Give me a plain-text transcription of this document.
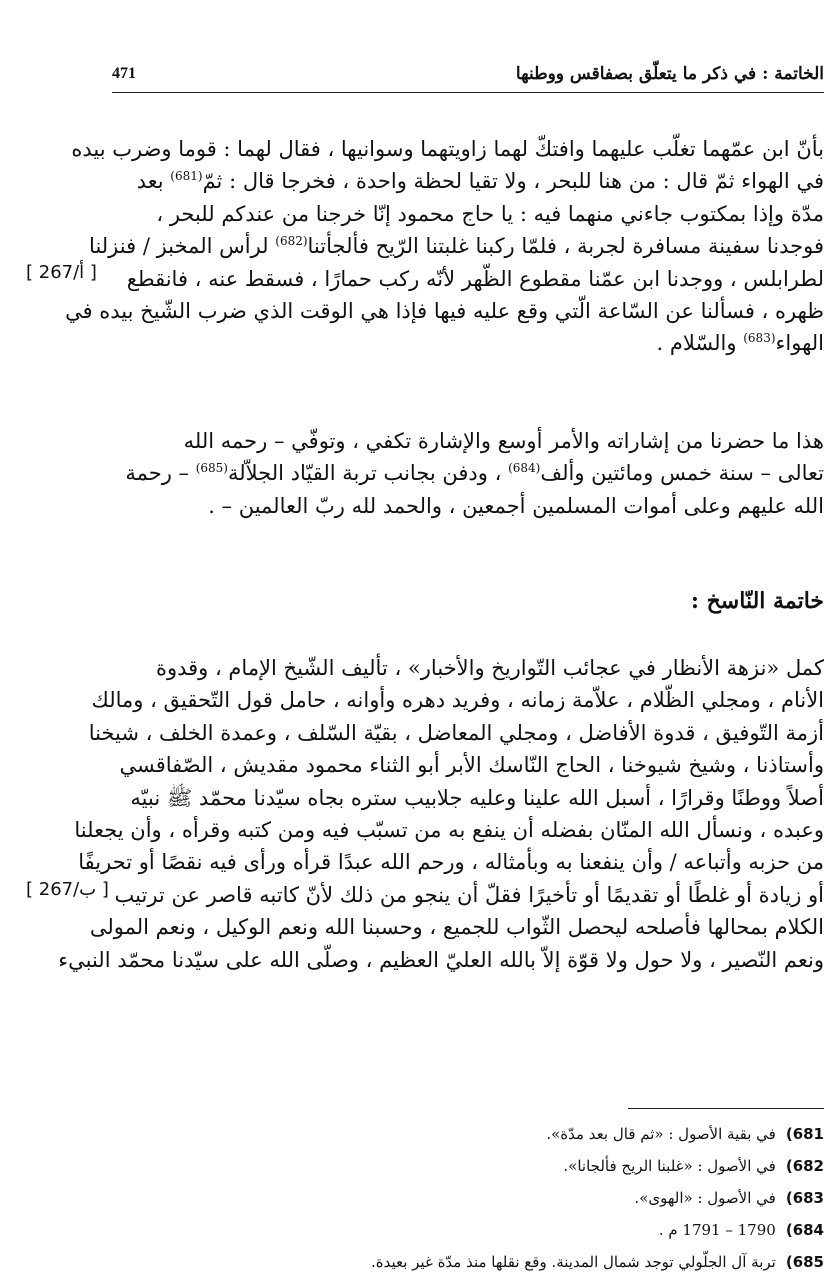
471	الخاتمة : في ذكر ما يتعلّق بصفاقس ووطنها
بأنّ ابن عمّهما تغلّب عليهما وافتكّ لهما زاويتهما وسوانيها ، فقال لهما : قوما وضرب بيده
في الهواء ثمّ قال : من هنا للبحر ، ولا تقيا لحظة واحدة ، فخرجا قال : ثمّ$^{(681)}$ بعد
مدّة وإذا بمكتوب جاءني منهما فيه : يا حاج محمود إنّا خرجنا من عندكم للبحر ،
فوجدنا سفينة مسافرة لجربة ، فلمّا ركبنا غلبتنا الرّيح فألجأتنا$^{(682)}$ لرأس المخبز / فنزلنا
لطرابلس ، ووجدنا ابن عمّنا مقطوع الظّهر لأنّه ركب حمارًا ، فسقط عنه ، فانقطع
ظهره ، فسألنا عن السّاعة الّتي وقع عليه فيها فإذا هي الوقت الذي ضرب الشّيخ بيده في
الهواء$^{(683)}$ والسّلام .
[ 267/أ ]
هذا ما حضرنا من إشاراته والأمر أوسع والإشارة تكفي ، وتوفّي – رحمه الله
تعالى – سنة خمس ومائتين وألف$^{(684)}$ ، ودفن بجانب تربة القيّاد الجلاّلة$^{(685)}$ – رحمة
الله عليهم وعلى أموات المسلمين أجمعين ، والحمد لله ربّ العالمين – .
خاتمة النّاسخ :
كمل «نزهة الأنظار في عجائب التّواريخ والأخبار» ، تأليف الشّيخ الإمام ، وقدوة
الأنام ، ومجلي الظّلام ، علاّمة زمانه ، وفريد دهره وأوانه ، حامل قول التّحقيق ، ومالك
أزمة التّوفيق ، قدوة الأفاضل ، ومجلي المعاضل ، بقيّة السّلف ، وعمدة الخلف ، شيخنا
وأستاذنا ، وشيخ شيوخنا ، الحاج النّاسك الأبر أبو الثناء محمود مقديش ، الصّفاقسي
أصلاً ووطنًا وقرارًا ، أسبل الله علينا وعليه جلابيب ستره بجاه سيّدنا محمّد ﷺ نبيّه
وعبده ، ونسأل الله المنّان بفضله أن ينفع به من تسبّب فيه ومن كتبه وقرأه ، وأن يجعلنا
من حزبه وأتباعه / وأن ينفعنا به وبأمثاله ، ورحم الله عبدًا قرأه ورأى فيه نقصًا أو تحريفًا
أو زيادة أو غلطًا أو تقديمًا أو تأخيرًا فقلّ أن ينجو من ذلك لأنّ كاتبه قاصر عن ترتيب
الكلام بمحالها فأصلحه ليحصل الثّواب للجميع ، وحسبنا الله ونعم الوكيل ، ونعم المولى
ونعم النّصير ، ولا حول ولا قوّة إلاّ بالله العليّ العظيم ، وصلّى الله على سيّدنا محمّد النبيء
[ 267/ب ]
681)
في بقية الأصول : «ثم قال بعد مدّة».
682)
في الأصول : «غلبنا الريح فألجانا».
683)
في الأصول : «الهوى».
684)
1790 – 1791 م .
685)
تربة آل الجلّولي توجد شمال المدينة. وقع نقلها منذ مدّة غير بعيدة.
